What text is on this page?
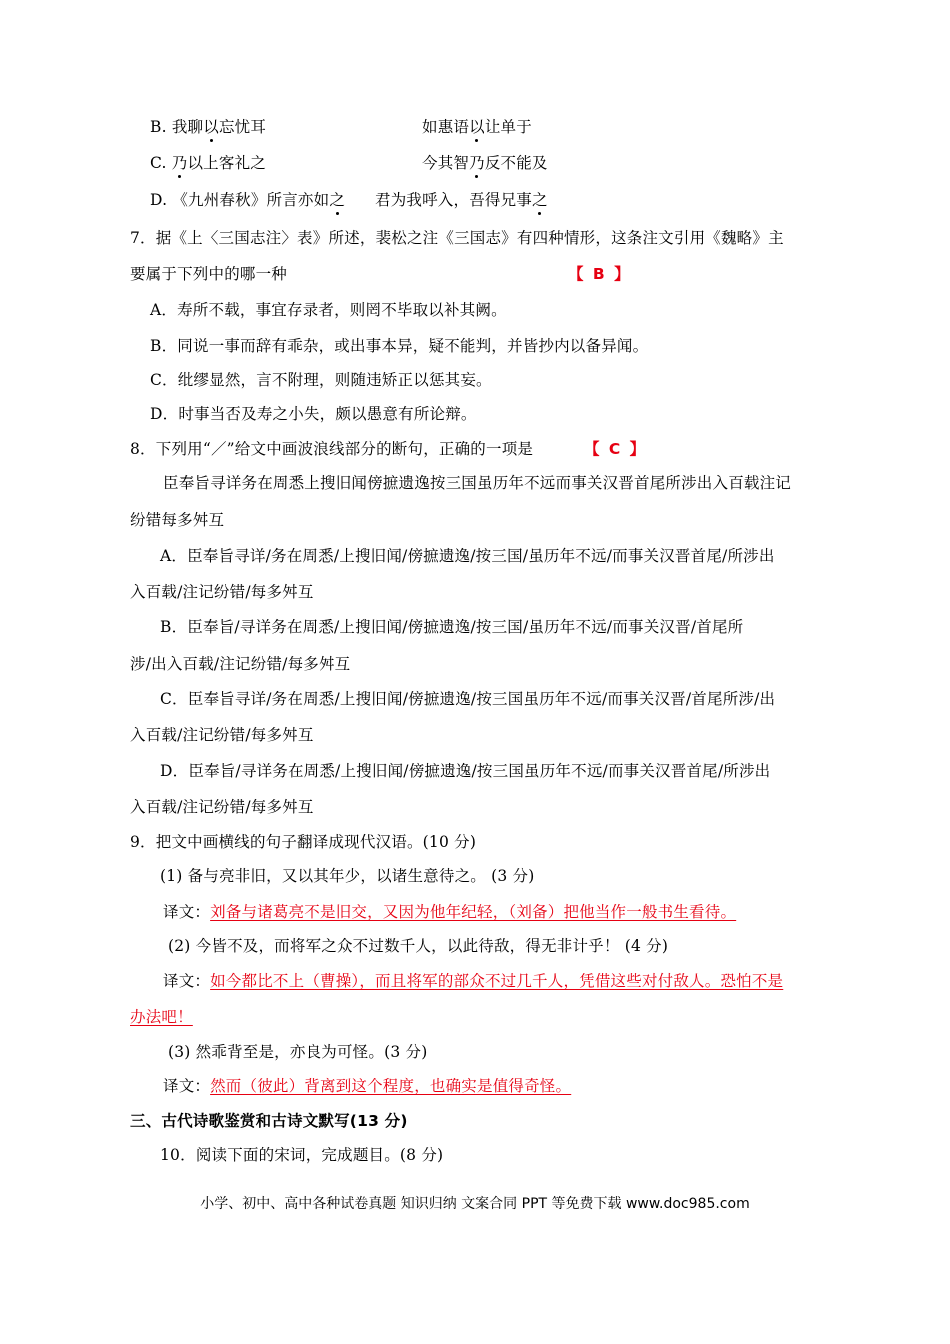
B. 我聊以忘忧耳	如惠语以让单于
C. 乃以上客礼之	今其智乃反不能及
D. 《九州春秋》所言亦如之 君为我呼入，吾得兄事之
7．据《上〈三国志注〉表》所述，裴松之注《三国志》有四种情形，这条注文引用《魏略》主
要属于下列中的哪一种	【 B 】
A．寿所不载，事宜存录者，则罔不毕取以补其阙。
B．同说一事而辞有乖杂，或出事本异，疑不能判，并皆抄内以备异闻。
C．纰缪显然，言不附理，则随违矫正以惩其妄。
D．时事当否及寿之小失，颇以愚意有所论辩。
8．下列用“／”给文中画波浪线部分的断句，正确的一项是	【 C 】
臣奉旨寻详务在周悉上搜旧闻傍摭遗逸按三国虽历年不远而事关汉晋首尾所涉出入百载注记
纷错每多舛互
A．臣奉旨寻详/务在周悉/上搜旧闻/傍摭遗逸/按三国/虽历年不远/而事关汉晋首尾/所涉出
入百载/注记纷错/每多舛互
B．臣奉旨/寻详务在周悉/上搜旧闻/傍摭遗逸/按三国/虽历年不远/而事关汉晋/首尾所
涉/出入百载/注记纷错/每多舛互
C．臣奉旨寻详/务在周悉/上搜旧闻/傍摭遗逸/按三国虽历年不远/而事关汉晋/首尾所涉/出
入百载/注记纷错/每多舛互
D．臣奉旨/寻详务在周悉/上搜旧闻/傍摭遗逸/按三国虽历年不远/而事关汉晋首尾/所涉出
入百载/注记纷错/每多舛互
9．把文中画横线的句子翻译成现代汉语。(10 分)
(1) 备与亮非旧，又以其年少，以诸生意待之。 (3 分)
译文：刘备与诸葛亮不是旧交，又因为他年纪轻，（刘备）把他当作一般书生看待。
(2) 今皆不及，而将军之众不过数千人，以此待敌，得无非计乎！ (4 分)
译文：如今都比不上（曹操），而且将军的部众不过几千人，凭借这些对付敌人。恐怕不是
办法吧！
(3) 然乖背至是，亦良为可怪。(3 分)
译文：然而（彼此）背离到这个程度，也确实是值得奇怪。
三、古代诗歌鉴赏和古诗文默写(13 分)
10．阅读下面的宋词，完成题目。(8 分)
小学、初中、高中各种试卷真题 知识归纳 文案合同 PPT 等免费下载 www.doc985.com
